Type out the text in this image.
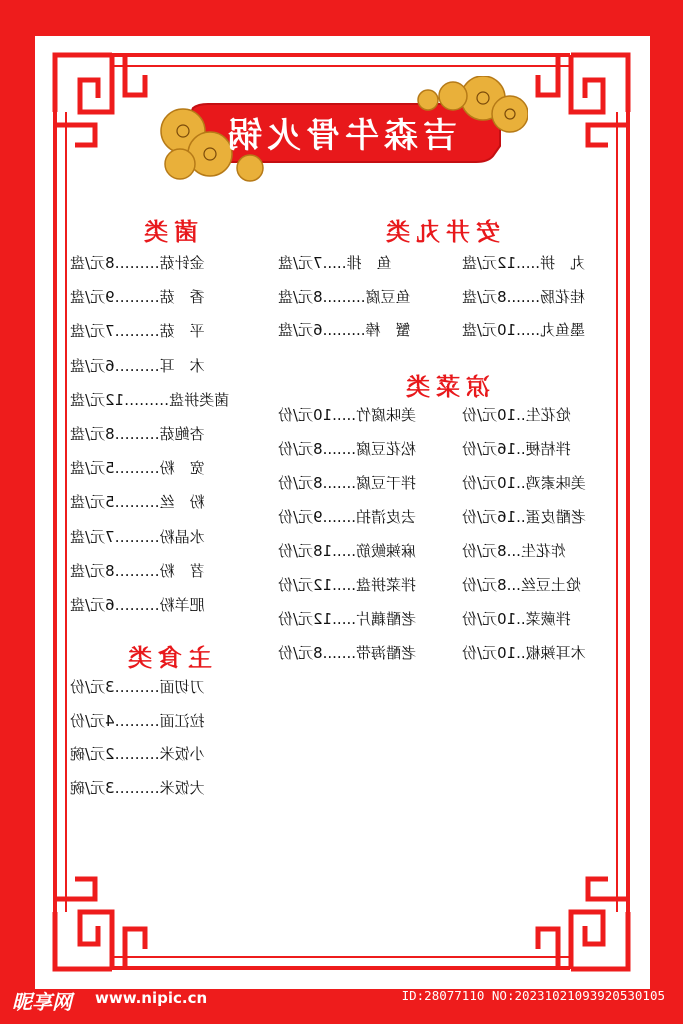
吉森牛骨火锅
安井丸类
凉菜类
菌类
主食类
金针菇………8元/盘
香　菇………9元/盘
平　菇………7元/盘
木　耳………6元/盘
菌类拼盘………12元/盘
杏鲍菇………8元/盘
宽　粉………5元/盘
粉　丝………5元/盘
水晶粉………7元/盘
苕　粉………8元/盘
肥羊粉………6元/盘
刀切面………3元/份
拉江面………4元/份
小饭米………2元/碗
大饭米………3元/碗
鱼　排.....7元/盘
鱼豆腐.........8元/盘
蟹　棒.........6元/盘
丸　拼.....12元/盘
桂花肠.......8元/盘
墨鱼丸.....10元/盘
美味腐竹.....10元/份
松花豆腐.......8元/份
拌干豆腐.......8元/份
去皮清拍.......9元/份
麻辣鲅筋.....18元/份
拌菜拼盘.....12元/份
老醋藕片.....12元/份
老醋海带.......8元/份
炝花生..10元/份
拌桔梗..16元/份
美味素鸡..10元/份
老醋皮蛋..16元/份
炸花生...8元/份
炝土豆丝...8元/份
拌蕨菜..10元/份
木耳辣椒..10元/份
昵享网 www.nipic.cn	ID:28077110 NO:20231021093920530105
